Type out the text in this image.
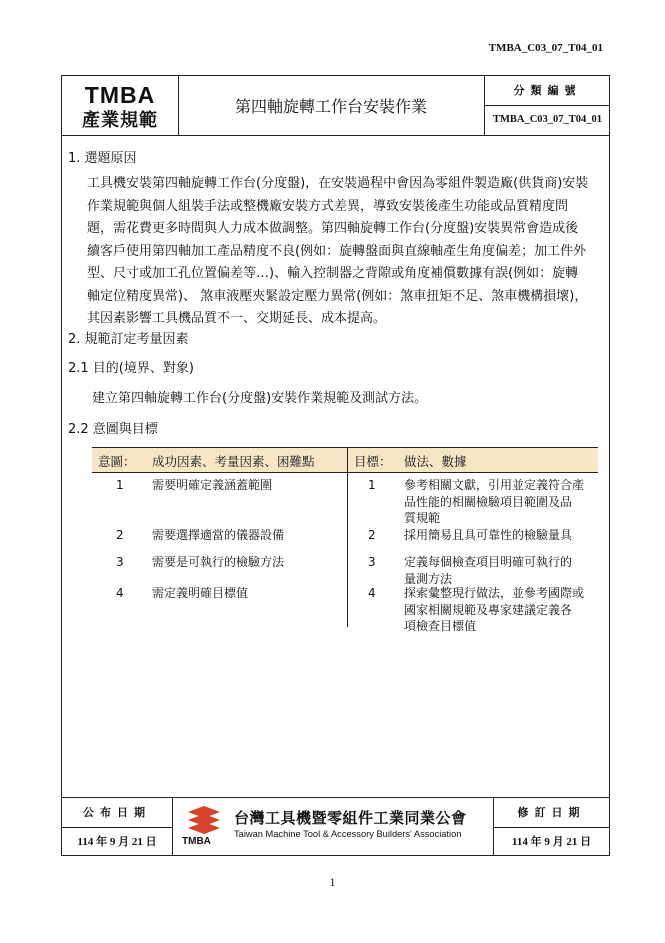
TMBA_C03_07_T04_01
TMBA
產業規範
第四軸旋轉工作台安裝作業
分類編號
TMBA_C03_07_T04_01
1. 選題原因
工具機安裝第四軸旋轉工作台(分度盤)，在安裝過程中會因為零組件製造廠(供貨商)安裝
作業規範與個人組裝手法或整機廠安裝方式差異，導致安裝後產生功能或品質精度問
題，需花費更多時間與人力成本做調整。第四軸旋轉工作台(分度盤)安裝異常會造成後
續客戶使用第四軸加工產品精度不良(例如：旋轉盤面與直線軸產生角度偏差；加工件外
型、尺寸或加工孔位置偏差等…)、輸入控制器之背隙或角度補償數據有誤(例如：旋轉
軸定位精度異常)、 煞車液壓夾緊設定壓力異常(例如：煞車扭矩不足、煞車機構損壞)，
其因素影響工具機品質不一、交期延長、成本提高。
2. 規範訂定考量因素
2.1 目的(境界、對象)
建立第四軸旋轉工作台(分度盤)安裝作業規範及測試方法。
2.2 意圖與目標
意圖： 成功因素、考量因素、困難點	目標： 做法、數據
1 需要明確定義涵蓋範圍	1 參考相關文獻，引用並定義符合產
品性能的相關檢驗項目範圍及品
質規範
2 需要選擇適當的儀器設備	2 採用簡易且具可靠性的檢驗量具
3 需要是可執行的檢驗方法	3 定義每個檢查項目明確可執行的
量測方法
4 需定義明確目標值	4 探索彙整現行做法，並參考國際或
國家相關規範及專家建議定義各
項檢查目標值
公布日期
114 年 9 月 21 日	TMBA
台灣工具機暨零組件工業同業公會
Taiwan Machine Tool & Accessory Builders' Association
修訂日期
114 年 9 月 21 日
1
